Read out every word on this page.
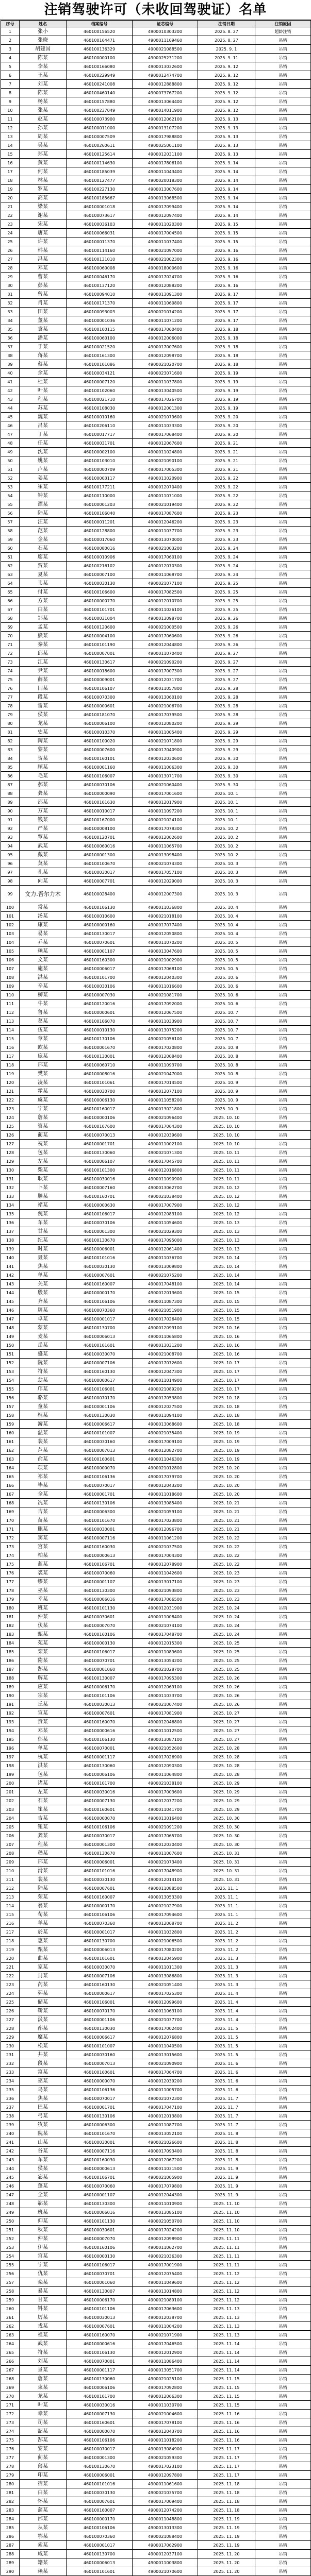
注销驾驶许可（未收回驾驶证）名单
序号	姓名	档案编号	证芯编号	注销日期	注销原因
1	张小	460100156520	4900010303200	2025. 8. 27	超龄注销
2	张晓	460100164471	4900011109460	2025. 8. 27	吊销
3	胡建国	460100136329	4900021088500	2025. 9. 1	吊销
4	陈某	460100000100	4900025231200	2025. 9. 11	吊销
5	李某	460100166080	4900013032600	2025. 9. 12	吊销
6	王某	460100229949	4900012474700	2025. 9. 12	吊销
7	刘某	460100241008	4900012888800	2025. 9. 12	吊销
8	陈某	460100460140	4900073767200	2025. 9. 12	吊销
9	杨某	460100157880	4900013064400	2025. 9. 12	吊销
10	张某	460100237049	4900014011900	2025. 9. 12	吊销
11	赵某	460100073900	4900012062100	2025. 9. 13	吊销
12	孙某	460100011000	4900013107200	2025. 9. 13	吊销
13	周某	460100007509	4900017988800	2025. 9. 13	吊销
14	吴某	460100260611	4900025001100	2025. 9. 13	吊销
15	郑某	460100125614	4900012031100	2025. 9. 13	吊销
16	黄某	460100114630	4900017806100	2025. 9. 14	吊销
17	何某	460100185039	4900011043400	2025. 9. 14	吊销
18	林某	460100127477	4900020018300	2025. 9. 14	吊销
19	罗某	460100227130	4900013007600	2025. 9. 14	吊销
20	高某	460100185667	4900013068500	2025. 9. 14	吊销
21	梁某	460100001018	4900017099400	2025. 9. 14	吊销
22	谢某	460100073617	4900012097400	2025. 9. 14	吊销
23	宋某	460100036103	4900011020300	2025. 9. 15	吊销
24	唐某	460100066031	4900017004500	2025. 9. 15	吊销
25	许某	460100011370	4900011077400	2025. 9. 15	吊销
26	韩某	460100114160	4900021097000	2025. 9. 16	吊销
27	冯某	460100131010	4900021002300	2025. 9. 16	吊销
28	邓某	460100060008	4900018000600	2025. 9. 16	吊销
29	曹某	460100046170	4900017024700	2025. 9. 16	吊销
30	彭某	460100137120	4900012088200	2025. 9. 16	吊销
31	曾某	460100094010	4900013091300	2025. 9. 17	吊销
32	肖某	460100171370	4900011060800	2025. 9. 17	吊销
33	田某	460100093003	4900021074200	2025. 9. 17	吊销
34	董某	460100001036	4900011071200	2025. 9. 17	吊销
35	袁某	460100100115	4900017060400	2025. 9. 18	吊销
36	潘某	460100060100	4900012006000	2025. 9. 18	吊销
37	于某	460100021520	4900017007600	2025. 9. 18	吊销
38	蒋某	460100161300	4900012098700	2025. 9. 18	吊销
39	蔡某	460100101086	4900021020700	2025. 9. 18	吊销
40	余某	460100034121	4900023071600	2025. 9. 19	吊销
41	杜某	460100007120	4900011037800	2025. 9. 19	吊销
42	叶某	460100102060	4900013040500	2025. 9. 19	吊销
43	程某	460100021710	4900017026700	2025. 9. 19	吊销
44	苏某	460100108030	4900012001300	2025. 9. 19	吊销
45	魏某	460100010160	4900021079600	2025. 9. 20	吊销
46	吕某	460100206110	4900011033300	2025. 9. 20	吊销
47	丁某	460100017717	4900017068400	2025. 9. 20	吊销
48	任某	460100031701	4900012067600	2025. 9. 21	吊销
49	沈某	460100002100	4900011024800	2025. 9. 21	吊销
50	姚某	460100103010	4900021090100	2025. 9. 21	吊销
51	卢某	460100000709	4900017005300	2025. 9. 21	吊销
52	姜某	460100003117	4900013020900	2025. 9. 22	吊销
53	崔某	460100177211	4900012070400	2025. 9. 22	吊销
54	钟某	460100110000	4900011071000	2025. 9. 22	吊销
55	谭某	460100001203	4900021019400	2025. 9. 22	吊销
56	陆某	460100106040	4900017087600	2025. 9. 23	吊销
57	汪某	460100011201	4900012046200	2025. 9. 23	吊销
58	范某	460100128800	4900011037700	2025. 9. 23	吊销
59	金某	460100017060	4900013070000	2025. 9. 23	吊销
60	石某	460100080016	4900021003200	2025. 9. 24	吊销
61	廖某	460100010906	4900017060100	2025. 9. 24	吊销
62	贾某	460100216102	4900012070300	2025. 9. 24	吊销
63	夏某	460100007100	4900011068700	2025. 9. 24	吊销
64	韦某	460100030130	4900021077100	2025. 9. 25	吊销
65	付某	460100106600	4900017082500	2025. 9. 25	吊销
66	方某	460100000770	4900012010700	2025. 9. 25	吊销
67	白某	460100101701	4900011026100	2025. 9. 25	吊销
68	邹某	460100031004	4900013098700	2025. 9. 26	吊销
69	孟某	460100120600	4900021000500	2025. 9. 26	吊销
70	熊某	460100004100	4900017060600	2025. 9. 26	吊销
71	秦某	460100101190	4900012044800	2025. 9. 26	吊销
72	邱某	460100007001	4900011070400	2025. 9. 27	吊销
73	江某	460100130617	4900021090200	2025. 9. 27	吊销
74	尹某	460100018600	4900017007300	2025. 9. 27	吊销
75	薛某	460100009001	4900012031700	2025. 9. 27	吊销
76	闫某	460100106107	4900011057800	2025. 9. 28	吊销
77	段某	460100070300	4900013060100	2025. 9. 28	吊销
78	雷某	460100000601	4900021006700	2025. 9. 28	吊销
79	侯某	460100181070	4900017079500	2025. 9. 28	吊销
80	龙某	460100006100	4900012080200	2025. 9. 29	吊销
81	史某	460100010370	4900011005400	2025. 9. 29	吊销
82	陶某	460100100020	4900021071800	2025. 9. 29	吊销
83	黎某	460100007600	4900017040900	2025. 9. 29	吊销
84	贺某	460100160101	4900012030600	2025. 9. 30	吊销
85	顾某	460100001160	4900011006300	2025. 9. 30	吊销
86	毛某	460100106007	4900013071700	2025. 9. 30	吊销
87	郝某	460100070106	4900021060400	2025. 9. 30	吊销
88	龚某	460100000090	4900017001600	2025. 10. 1	吊销
89	邵某	460100101630	4900012017900	2025. 10. 1	吊销
90	万某	460100010017	4900011097200	2025. 10. 1	吊销
91	钱某	460100167000	4900021024100	2025. 10. 1	吊销
92	严某	460100008100	4900017078300	2025. 10. 2	吊销
93	覃某	460100120701	4900012002600	2025. 10. 2	吊销
94	武某	460100060016	4900011065700	2025. 10. 2	吊销
95	戴某	460100001300	4900013098400	2025. 10. 2	吊销
96	莫某	460100100670	4900021074300	2025. 10. 3	吊销
97	孔某	460100030017	4900017057100	2025. 10. 3	吊销
98	向某	460100007701	4900012029000	2025. 10. 3	吊销
99	文力.吾尔力木	460100028400	4900012007300	2025. 10. 3	吊销
100	常某	460100106130	4900011036800	2025. 10. 4	吊销
101	汤某	460100010600	4900021018100	2025. 10. 4	吊销
102	康某	460100000160	4900017077400	2025. 10. 4	吊销
103	易某	460100130017	4900012050800	2025. 10. 4	吊销
104	乔某	460100070601	4900011070200	2025. 10. 5	吊销
105	赖某	460100001107	4900013047600	2025. 10. 5	吊销
106	文某	460100160300	4900021002900	2025. 10. 5	吊销
107	施某	460100006017	4900017068100	2025. 10. 5	吊销
108	洪某	460100101700	4900012040300	2025. 10. 6	吊销
109	辛某	460100030106	4900011016600	2025. 10. 6	吊销
110	柳某	460100007030	4900021081700	2025. 10. 6	吊销
111	牛某	460100120016	4900017092000	2025. 10. 6	吊销
112	鲁某	460100000601	4900012067500	2025. 10. 7	吊销
113	葛某	460100106070	4900011033900	2025. 10. 7	吊销
114	伍某	460100010130	4900013075200	2025. 10. 7	吊销
115	章某	460100170106	4900021056100	2025. 10. 7	吊销
116	欧某	460100001670	4900017020800	2025. 10. 8	吊销
117	庞某	460100130001	4900012008400	2025. 10. 8	吊销
118	邢某	460100060710	4900011093700	2025. 10. 8	吊销
119	樊某	460100008016	4900021047000	2025. 10. 8	吊销
120	凌某	460100101061	4900017014500	2025. 10. 9	吊销
121	霍某	460100030700	4900012077100	2025. 10. 9	吊销
122	虞某	460100006130	4900011058200	2025. 10. 9	吊销
123	宁某	460100160017	4900013021800	2025. 10. 9	吊销
124	詹某	460100000106	4900021096400	2025. 10. 10	吊销
125	管某	460100107600	4900017064300	2025. 10. 10	吊销
126	蔺某	460100070013	4900012039600	2025. 10. 10	吊销
127	祝某	460100001701	4900011002100	2025. 10. 10	吊销
128	包某	460100130060	4900021071300	2025. 10. 11	吊销
129	左某	460100006107	4900017045700	2025. 10. 11	吊销
130	柴某	460100101300	4900012016800	2025. 10. 11	吊销
131	耿某	460100030016	4900011090900	2025. 10. 11	吊销
132	卜某	460100007160	4900013062700	2025. 10. 12	吊销
133	滕某	460100160701	4900021038400	2025. 10. 12	吊销
134	褚某	460100000630	4900017007900	2025. 10. 12	吊销
135	倪某	460100106017	4900012083100	2025. 10. 12	吊销
136	车某	460100070106	4900011054600	2025. 10. 13	吊销
137	甘某	460100001300	4900021029300	2025. 10. 13	吊销
138	纪某	460100130670	4900017095000	2025. 10. 13	吊销
139	时某	460100006001	4900012061400	2025. 10. 13	吊销
140	聂某	460100101016	4900011036700	2025. 10. 14	吊销
141	焦某	460100030130	4900013009800	2025. 10. 14	吊销
142	单某	460100007601	4900021075200	2025. 10. 14	吊销
143	关某	460100160007	4900017048100	2025. 10. 14	吊销
144	殷某	460100000170	4900012013600	2025. 10. 15	吊销
145	齐某	460100106106	4900011087300	2025. 10. 15	吊销
146	屠某	460100070360	4900021051900	2025. 10. 15	吊销
147	卓某	460100001017	4900017026400	2025. 10. 15	吊销
148	蒙某	460100130700	4900012099100	2025. 10. 16	吊销
149	麦某	460100006013	4900011065800	2025. 10. 16	吊销
150	岳某	460100101601	4900013031200	2025. 10. 16	吊销
151	盛某	460100030070	4900021008700	2025. 10. 16	吊销
152	阮某	460100007106	4900017072600	2025. 10. 17	吊销
153	符某	460100160130	4900012047300	2025. 10. 17	吊销
154	翁某	460100000617	4900011014900	2025. 10. 17	吊销
155	邝某	460100106001	4900021089200	2025. 10. 17	吊销
156	骆某	460100070170	4900017053800	2025. 10. 18	吊销
157	童某	460100001106	4900012027500	2025. 10. 18	吊销
158	植某	460100130030	4900011094100	2025. 10. 18	吊销
159	游某	460100006617	4900013068600	2025. 10. 18	吊销
160	温某	460100101007	4900021035400	2025. 10. 19	吊销
161	裴某	460100030160	4900017009100	2025. 10. 19	吊销
162	芦某	460100007013	4900012082700	2025. 10. 19	吊销
163	俞某	460100160601	4900011046300	2025. 10. 19	吊销
164	项某	460100000070	4900021012800	2025. 10. 20	吊销
165	祁某	460100106136	4900017079700	2025. 10. 20	吊销
166	毕某	460100070017	4900012043200	2025. 10. 20	吊销
167	全某	460100001701	4900011018600	2025. 10. 20	吊销
168	冼某	460100130106	4900013085400	2025. 10. 21	吊销
169	吉某	460100006300	4900021059100	2025. 10. 21	吊销
170	苗某	460100101670	4900017023800	2025. 10. 21	吊销
171	鲍某	460100030001	4900012096700	2025. 10. 21	吊销
172	窦某	460100007116	4900011061200	2025. 10. 22	吊销
173	宫某	460100160030	4900021037500	2025. 10. 22	吊销
174	柏某	460100000613	4900017004300	2025. 10. 22	吊销
175	蓝某	460100106701	4900012078900	2025. 10. 22	吊销
176	裘某	460100070060	4900011042600	2025. 10. 23	吊销
177	缪某	460100001107	4900013017100	2025. 10. 23	吊销
178	巫某	460100130300	4900021093800	2025. 10. 23	吊销
179	幸某	460100006016	4900017066500	2025. 10. 23	吊销
180	班某	460100101130	4900012031900	2025. 10. 24	吊销
181	仲某	460100030601	4900011008400	2025. 10. 24	吊销
182	伏某	460100007070	4900021074100	2025. 10. 24	吊销
183	甄某	460100160106	4900017048700	2025. 10. 24	吊销
184	苑某	460100000130	4900012015300	2025. 10. 25	吊销
185	栾某	460100106017	4900011089600	2025. 10. 25	吊销
186	隋某	460100070701	4900013054200	2025. 10. 25	吊销
187	郜某	460100001060	4900021028700	2025. 10. 25	吊销
188	解某	460100130007	4900017095300	2025. 10. 26	吊销
189	应某	460100006170	4900012069100	2025. 10. 26	吊销
190	宗某	460100101106	4900011033700	2025. 10. 26	吊销
191	丘某	460100030013	4900021007400	2025. 10. 26	吊销
192	宣某	460100007601	4900017081900	2025. 10. 27	吊销
193	贲某	460100160070	4900012046800	2025. 10. 27	吊销
194	邓某	460100000616	4900011012500	2025. 10. 27	吊销
195	郁某	460100106130	4900013087100	2025. 10. 27	吊销
196	单某	460100070001	4900021052600	2025. 10. 28	吊销
197	杭某	460100001117	4900017026900	2025. 10. 28	吊销
198	洪某	460100130060	4900012090300	2025. 10. 28	吊销
199	包某	460100006106	4900011064800	2025. 10. 28	吊销
200	诸某	460100101700	4900021038100	2025. 10. 29	吊销
201	左某	460100030016	4900017003600	2025. 10. 29	吊销
202	石某	460100007130	4900012077200	2025. 10. 29	吊销
203	崔某	460100160601	4900011041700	2025. 10. 29	吊销
204	吉某	460100000070	4900013016400	2025. 10. 30	吊销
205	钮某	460100106106	4900021091200	2025. 10. 30	吊销
206	龚某	460100070017	4900017065700	2025. 10. 30	吊销
207	程某	460100001300	4900012030400	2025. 10. 30	吊销
208	嵇某	460100130670	4900011007600	2025. 10. 31	吊销
209	邢某	460100006001	4900021073400	2025. 10. 31	吊销
210	滑某	460100101016	4900017048900	2025. 10. 31	吊销
211	裴某	460100030130	4900012014100	2025. 10. 31	吊销
212	陆某	460100007601	4900011088500	2025. 11. 1	吊销
213	荣某	460100160007	4900013053300	2025. 11. 1	吊销
214	翁某	460100000170	4900021027900	2025. 11. 1	吊销
215	荀某	460100106106	4900017094600	2025. 11. 1	吊销
216	羊某	460100070360	4900012068700	2025. 11. 2	吊销
217	於某	460100001017	4900011032800	2025. 11. 2	吊销
218	惠某	460100130700	4900021006500	2025. 11. 2	吊销
219	甄某	460100006013	4900017080200	2025. 11. 2	吊销
220	曲某	460100101601	4900012045900	2025. 11. 3	吊销
221	家某	460100030070	4900011011300	2025. 11. 3	吊销
222	封某	460100007106	4900013086800	2025. 11. 3	吊销
223	芮某	460100160130	4900021051400	2025. 11. 3	吊销
224	羿某	460100000617	4900017025300	2025. 11. 4	吊销
225	储某	460100106001	4900012099600	2025. 11. 4	吊销
226	靳某	460100070170	4900011063100	2025. 11. 4	吊销
227	汲某	460100001106	4900021037700	2025. 11. 4	吊销
228	邴某	460100130030	4900017002400	2025. 11. 5	吊销
229	糜某	460100006617	4900012076800	2025. 11. 5	吊销
230	松某	460100101007	4900011040500	2025. 11. 5	吊销
231	井某	460100030160	4900013015600	2025. 11. 5	吊销
232	段某	460100007013	4900021090900	2025. 11. 6	吊销
233	富某	460100160601	4900017064700	2025. 11. 6	吊销
234	巫某	460100000070	4900012039200	2025. 11. 6	吊销
235	乌某	460100106136	4900011005700	2025. 11. 6	吊销
236	焦某	460100070017	4900021072300	2025. 11. 7	吊销
237	巴某	460100001701	4900017047100	2025. 11. 7	吊销
238	弓某	460100130106	4900012013800	2025. 11. 7	吊销
239	牧某	460100006300	4900011087700	2025. 11. 7	吊销
240	隗某	460100101670	4900013052100	2025. 11. 8	吊销
241	山某	460100030001	4900021026600	2025. 11. 8	吊销
242	谷某	460100007116	4900017093400	2025. 11. 8	吊销
243	车某	460100160030	4900012067200	2025. 11. 8	吊销
244	侯某	460100000613	4900011031500	2025. 11. 9	吊销
245	宓某	460100106701	4900021005900	2025. 11. 9	吊销
246	蓬某	460100070060	4900017079800	2025. 11. 9	吊销
247	全某	460100001107	4900012044300	2025. 11. 9	吊销
248	郗某	460100130300	4900011010900	2025. 11. 10	吊销
249	班某	460100006016	4900013085100	2025. 11. 10	吊销
250	仰某	460100101130	4900021050700	2025. 11. 10	吊销
251	秋某	460100030601	4900017024200	2025. 11. 10	吊销
252	仲某	460100007070	4900012098900	2025. 11. 11	吊销
253	伊某	460100160106	4900011062700	2025. 11. 11	吊销
254	宫某	460100000130	4900021036300	2025. 11. 11	吊销
255	宁某	460100106017	4900017001900	2025. 11. 11	吊销
256	仇某	460100070701	4900012075400	2025. 11. 12	吊销
257	栾某	460100001060	4900011049600	2025. 11. 12	吊销
258	暴某	460100130007	4900013014800	2025. 11. 12	吊销
259	甘某	460100006170	4900021089100	2025. 11. 12	吊销
260	钭某	460100101106	4900017063600	2025. 11. 13	吊销
261	厉某	460100030013	4900012038700	2025. 11. 13	吊销
262	戎某	460100007601	4900011004200	2025. 11. 13	吊销
263	祖某	460100160070	4900021071900	2025. 11. 13	吊销
264	武某	460100000616	4900017046500	2025. 11. 14	吊销
265	符某	460100106130	4900012012900	2025. 11. 14	吊销
266	刘某	460100070001	4900011086400	2025. 11. 14	吊销
267	景某	460100001117	4900013051700	2025. 11. 14	吊销
268	詹某	460100130060	4900021025100	2025. 11. 15	吊销
269	束某	460100006106	4900017092800	2025. 11. 15	吊销
270	龙某	460100101700	4900012066300	2025. 11. 15	吊销
271	叶某	460100030016	4900011030700	2025. 11. 15	吊销
272	幸某	460100007130	4900021004600	2025. 11. 16	吊销
273	司某	460100160601	4900017078100	2025. 11. 16	吊销
274	韶某	460100000070	4900012043700	2025. 11. 16	吊销
275	郜某	460100106106	4900011018200	2025. 11. 16	吊销
276	黎某	460100070017	4900013084900	2025. 11. 17	吊销
277	蓟某	460100001300	4900021059300	2025. 11. 17	吊销
278	薄某	460100130670	4900017023100	2025. 11. 17	吊销
279	印某	460100006001	4900012097800	2025. 11. 17	吊销
280	宿某	460100101016	4900011061600	2025. 11. 18	吊销
281	白某	460100030130	4900021035700	2025. 11. 18	吊销
282	怀某	460100007601	4900017009400	2025. 11. 18	吊销
283	蒲某	460100160007	4900012074200	2025. 11. 18	吊销
284	邰某	460100000170	4900011048800	2025. 11. 19	吊销
285	从某	460100106106	4900013013300	2025. 11. 19	吊销
286	鄂某	460100070360	4900021088400	2025. 11. 19	吊销
287	索某	460100001017	4900017062900	2025. 11. 19	吊销
288	咸某	460100130700	4900012037100	2025. 11. 20	吊销
289	籍某	460100006013	4900011003800	2025. 11. 20	吊销
290	赖某	460100101601	4900021070600	2025. 11. 20	吊销
